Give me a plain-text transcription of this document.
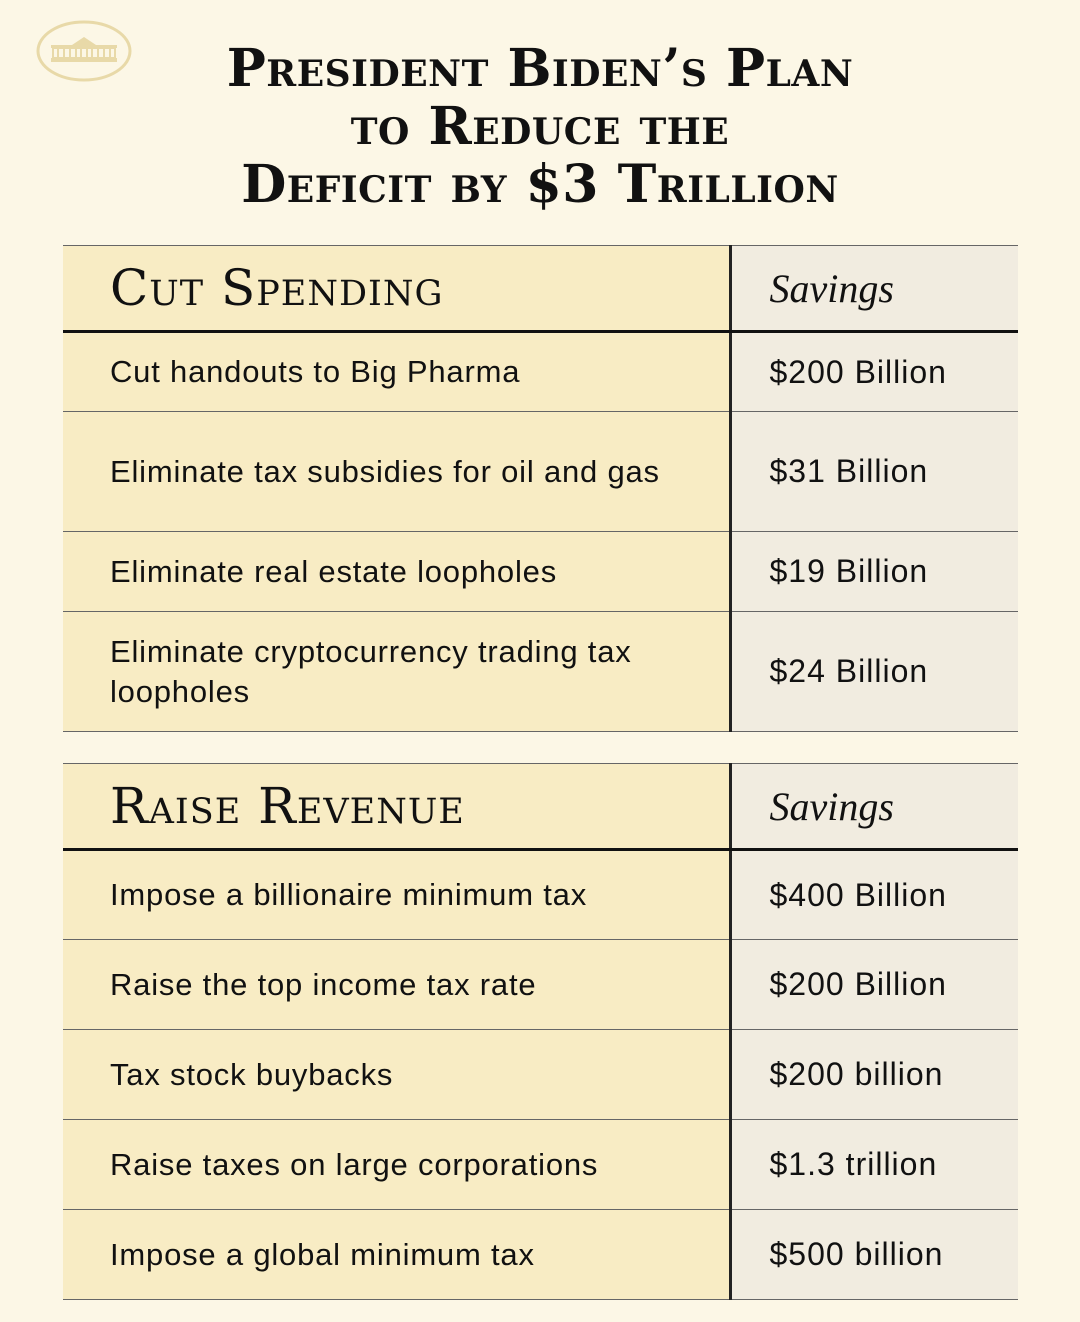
President Biden’s Plan
to Reduce the
Deficit by $3 Trillion
Cut Spending	Savings
Cut handouts to Big Pharma	$200 Billion
Eliminate tax subsidies for oil and gas	$31 Billion
Eliminate real estate loopholes	$19 Billion
Eliminate cryptocurrency trading tax loopholes	$24 Billion
Raise Revenue	Savings
Impose a billionaire minimum tax	$400 Billion
Raise the top income tax rate	$200 Billion
Tax stock buybacks	$200 billion
Raise taxes on large corporations	$1.3 trillion
Impose a global minimum tax	$500 billion
